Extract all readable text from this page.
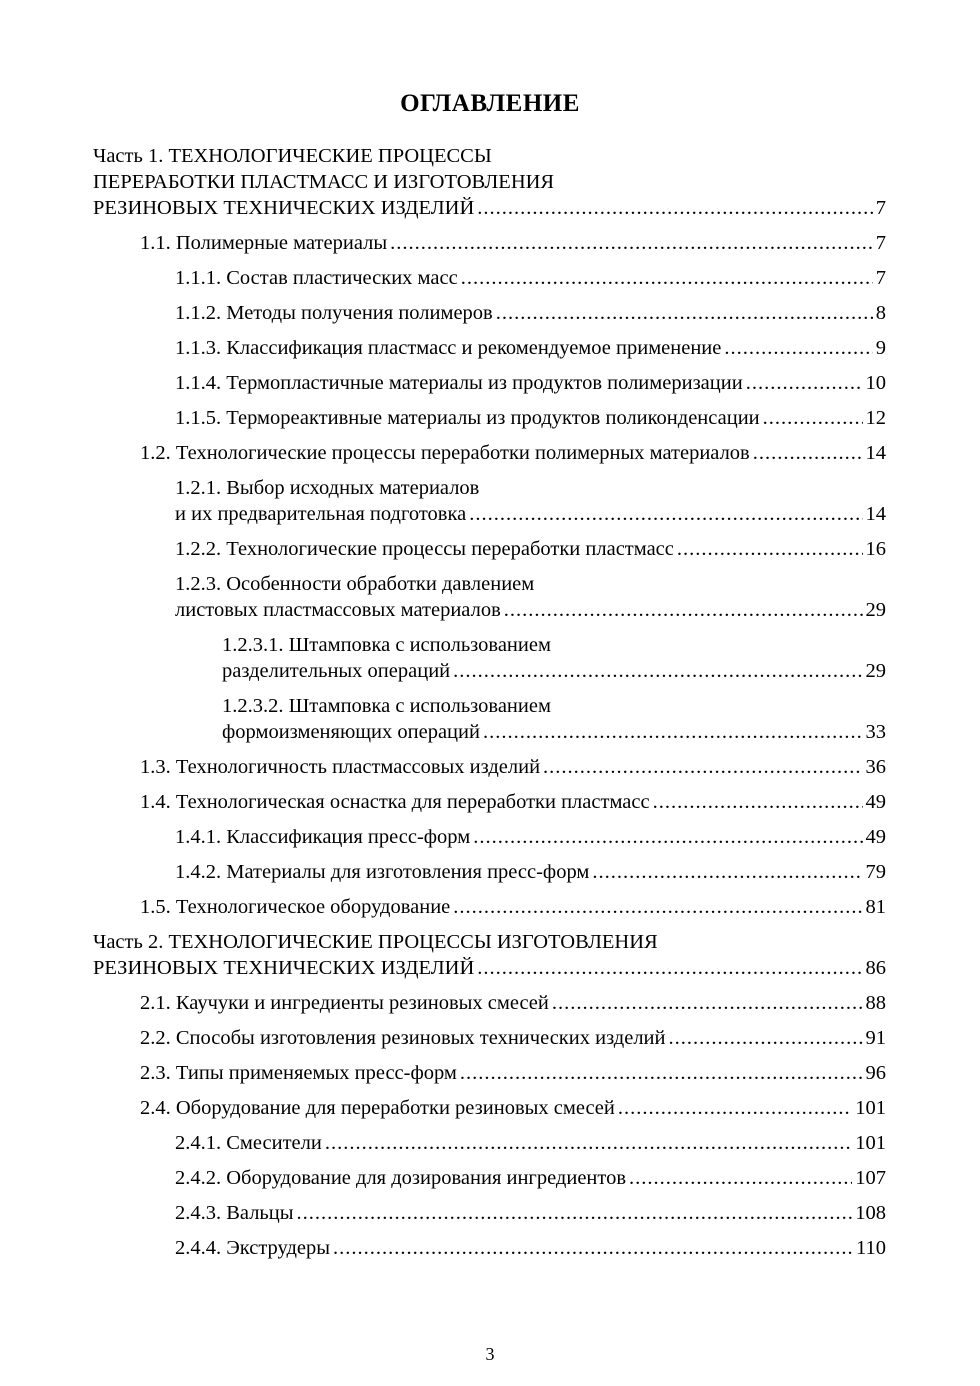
ОГЛАВЛЕНИЕ
Часть 1. ТЕХНОЛОГИЧЕСКИЕ ПРОЦЕССЫ
ПЕРЕРАБОТКИ ПЛАСТМАСС И ИЗГОТОВЛЕНИЯ
РЕЗИНОВЫХ ТЕХНИЧЕСКИХ ИЗДЕЛИЙ .....	7
1.1. Полимерные материалы .....	7
1.1.1. Состав пластических масс .....	7
1.1.2. Методы получения полимеров .....	8
1.1.3. Классификация пластмасс и рекомендуемое применение .....	9
1.1.4. Термопластичные материалы из продуктов полимеризации .....	10
1.1.5. Термореактивные материалы из продуктов поликонденсации .....	12
1.2. Технологические процессы переработки полимерных материалов .....	14
1.2.1. Выбор исходных материалов
и их предварительная подготовка .....	14
1.2.2. Технологические процессы переработки пластмасс .....	16
1.2.3. Особенности обработки давлением
листовых пластмассовых материалов .....	29
1.2.3.1. Штамповка с использованием
разделительных операций .....	29
1.2.3.2. Штамповка с использованием
формоизменяющих операций .....	33
1.3. Технологичность пластмассовых изделий .....	36
1.4. Технологическая оснастка для переработки пластмасс .....	49
1.4.1. Классификация пресс-форм .....	49
1.4.2. Материалы для изготовления пресс-форм .....	79
1.5. Технологическое оборудование .....	81
Часть 2. ТЕХНОЛОГИЧЕСКИЕ ПРОЦЕССЫ ИЗГОТОВЛЕНИЯ
РЕЗИНОВЫХ ТЕХНИЧЕСКИХ ИЗДЕЛИЙ .....	86
2.1. Каучуки и ингредиенты резиновых смесей .....	88
2.2. Способы изготовления резиновых технических изделий .....	91
2.3. Типы применяемых пресс-форм .....	96
2.4. Оборудование для переработки резиновых смесей .....	101
2.4.1. Смесители .....	101
2.4.2. Оборудование для дозирования ингредиентов .....	107
2.4.3. Вальцы .....	108
2.4.4. Экструдеры .....	110
3
